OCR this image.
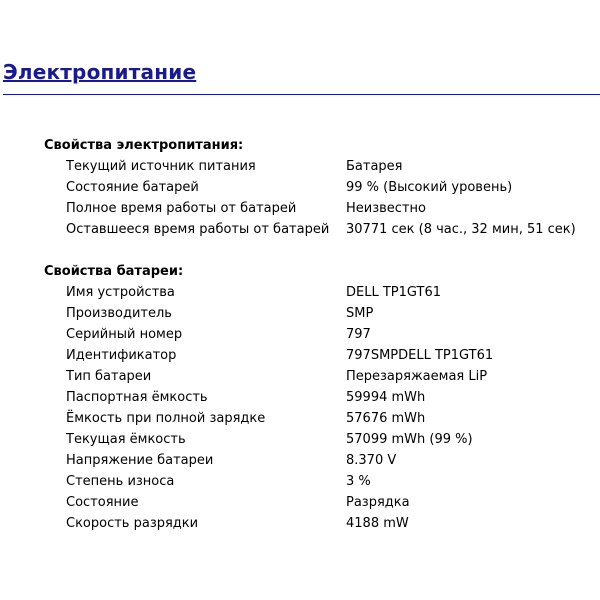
Электропитание
Свойства электропитания:
Текущий источник питания	Батарея
Состояние батарей	99 % (Высокий уровень)
Полное время работы от батарей	Неизвестно
Оставшееся время работы от батарей 30771 сек (8 час., 32 мин, 51 сек)
Свойства батареи:
Имя устройства	DELL TP1GT61
Производитель	SMP
Серийный номер	797
Идентификатор	797SMPDELL TP1GT61
Тип батареи	Перезаряжаемая LiP
Паспортная ёмкость	59994 mWh
Ёмкость при полной зарядке	57676 mWh
Текущая ёмкость	57099 mWh (99 %)
Напряжение батареи	8.370 V
Степень износа	3 %
Состояние	Разрядка
Скорость разрядки	4188 mW
